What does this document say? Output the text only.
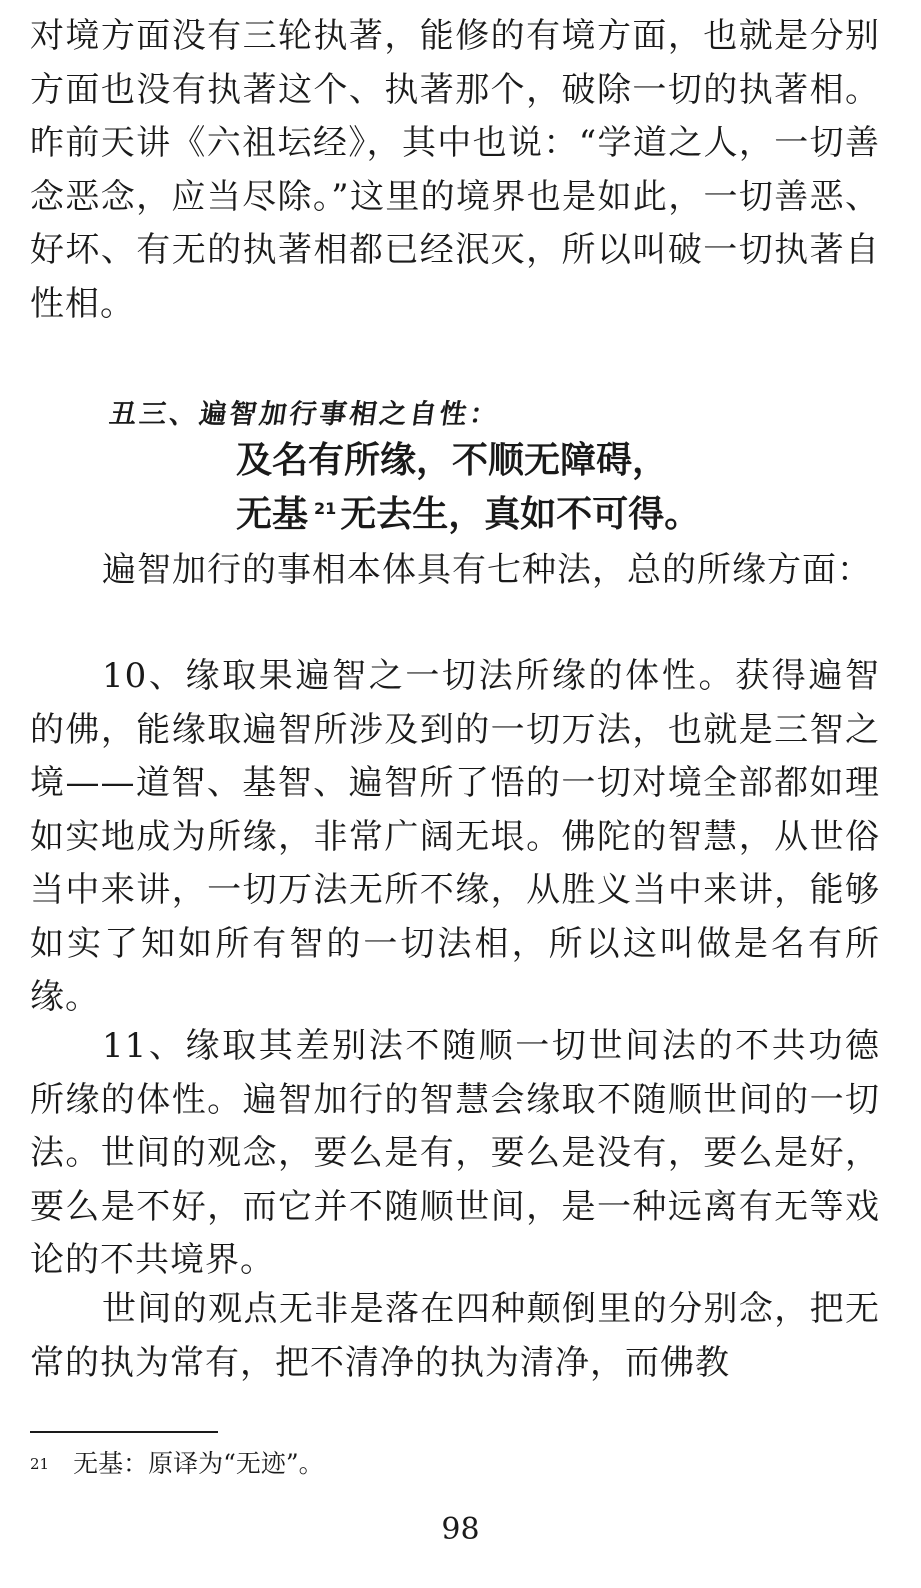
对境方面没有三轮执著，能修的有境方面，也就是分别方面也没有执著这个、执著那个，破除一切的执著相。昨前天讲《六祖坛经》，其中也说：“学道之人，一切善念恶念，应当尽除。”这里的境界也是如此，一切善恶、好坏、有无的执著相都已经泯灭，所以叫破一切执著自性相。

丑三、遍智加行事相之自性：

及名有所缘，不顺无障碍，

无基 $^{21}$ 无去生，真如不可得。

遍智加行的事相本体具有七种法，总的所缘方面：

10、缘取果遍智之一切法所缘的体性。获得遍智的佛，能缘取遍智所涉及到的一切万法，也就是三智之境——道智、基智、遍智所了悟的一切对境全部都如理如实地成为所缘，非常广阔无垠。佛陀的智慧，从世俗当中来讲，一切万法无所不缘，从胜义当中来讲，能够如实了知如所有智的一切法相，所以这叫做是名有所缘。

11、缘取其差别法不随顺一切世间法的不共功德所缘的体性。遍智加行的智慧会缘取不随顺世间的一切法。世间的观念，要么是有，要么是没有，要么是好，要么是不好，而它并不随顺世间，是一种远离有无等戏论的不共境界。

世间的观点无非是落在四种颠倒里的分别念，把无常的执为常有，把不清净的执为清净，而佛教

$^{21}$ 无基：原译为“无迹”。

98
